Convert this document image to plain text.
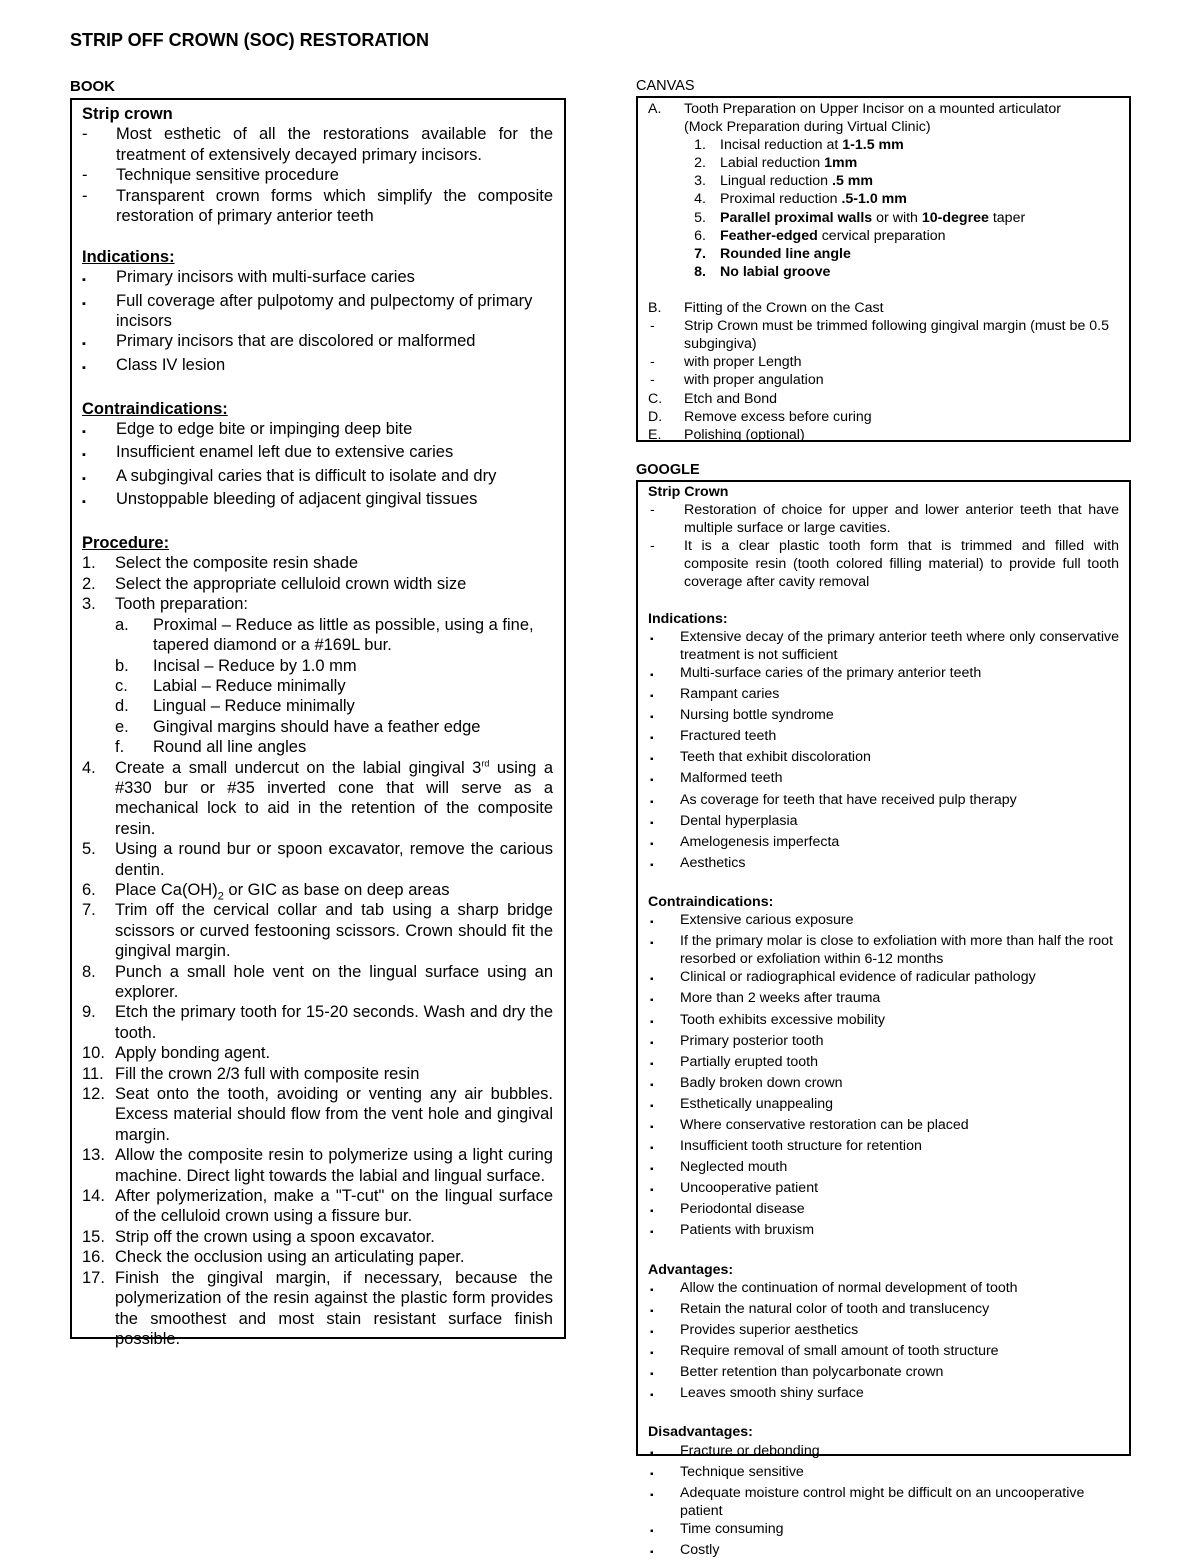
STRIP OFF CROWN (SOC) RESTORATION
BOOK

Strip crown

-	Most esthetic of all the restorations available for the treatment of extensively decayed primary incisors.
-	Technique sensitive procedure
-	Transparent crown forms which simplify the composite restoration of primary anterior teeth

Indications:

▪	Primary incisors with multi-surface caries
▪	Full coverage after pulpotomy and pulpectomy of primary incisors
▪	Primary incisors that are discolored or malformed
▪	Class IV lesion

Contraindications:

▪	Edge to edge bite or impinging deep bite
▪	Insufficient enamel left due to extensive caries
▪	A subgingival caries that is difficult to isolate and dry
▪	Unstoppable bleeding of adjacent gingival tissues

Procedure:

1.	Select the composite resin shade
2.	Select the appropriate celluloid crown width size
3.	Tooth preparation:
a.	Proximal – Reduce as little as possible, using a fine, tapered diamond or a #169L bur.
b.	Incisal – Reduce by 1.0 mm
c.	Labial – Reduce minimally
d.	Lingual – Reduce minimally
e.	Gingival margins should have a feather edge
f.	Round all line angles
4.	Create a small undercut on the labial gingival 3rd using a #330 bur or #35 inverted cone that will serve as a mechanical lock to aid in the retention of the composite resin.
5.	Using a round bur or spoon excavator, remove the carious dentin.
6.	Place $Ca(OH)_2$ or GIC as base on deep areas
7.	Trim off the cervical collar and tab using a sharp bridge scissors or curved festooning scissors. Crown should fit the gingival margin.
8.	Punch a small hole vent on the lingual surface using an explorer.
9.	Etch the primary tooth for 15-20 seconds. Wash and dry the tooth.
10. Apply bonding agent.
11. Fill the crown 2/3 full with composite resin
12. Seat onto the tooth, avoiding or venting any air bubbles. Excess material should flow from the vent hole and gingival margin.
13. Allow the composite resin to polymerize using a light curing machine. Direct light towards the labial and lingual surface.
14. After polymerization, make a "T-cut" on the lingual surface of the celluloid crown using a fissure bur.
15. Strip off the crown using a spoon excavator.
16. Check the occlusion using an articulating paper.
17. Finish the gingival margin, if necessary, because the polymerization of the resin against the plastic form provides the smoothest and most stain resistant surface finish possible.
CANVAS
A.	Tooth Preparation on Upper Incisor on a mounted articulator
(Mock Preparation during Virtual Clinic)
1. Incisal reduction at 1-1.5 mm
2. Labial reduction 1mm
3. Lingual reduction .5 mm
4. Proximal reduction .5-1.0 mm
5. Parallel proximal walls or with 10-degree taper
6. Feather-edged cervical preparation
7. Rounded line angle
8. No labial groove
B.	Fitting of the Crown on the Cast
-	Strip Crown must be trimmed following gingival margin (must be 0.5 subgingiva)
-	with proper Length
-	with proper angulation
C.	Etch and Bond
D.	Remove excess before curing
E.	Polishing (optional)
GOOGLE
Strip Crown
-	Restoration of choice for upper and lower anterior teeth that have multiple surface or large cavities.
-	It is a clear plastic tooth form that is trimmed and filled with composite resin (tooth colored filling material) to provide full tooth coverage after cavity removal
Indications:
▪	Extensive decay of the primary anterior teeth where only conservative treatment is not sufficient
▪	Multi-surface caries of the primary anterior teeth
▪	Rampant caries
▪	Nursing bottle syndrome
▪	Fractured teeth
▪	Teeth that exhibit discoloration
▪	Malformed teeth
▪	As coverage for teeth that have received pulp therapy
▪	Dental hyperplasia
▪	Amelogenesis imperfecta
▪	Aesthetics
Contraindications:
▪	Extensive carious exposure
▪	If the primary molar is close to exfoliation with more than half the root resorbed or exfoliation within 6-12 months
▪	Clinical or radiographical evidence of radicular pathology
▪	More than 2 weeks after trauma
▪	Tooth exhibits excessive mobility
▪	Primary posterior tooth
▪	Partially erupted tooth
▪	Badly broken down crown
▪	Esthetically unappealing
▪	Where conservative restoration can be placed
▪	Insufficient tooth structure for retention
▪	Neglected mouth
▪	Uncooperative patient
▪	Periodontal disease
▪	Patients with bruxism
Advantages:
▪	Allow the continuation of normal development of tooth
▪	Retain the natural color of tooth and translucency
▪	Provides superior aesthetics
▪	Require removal of small amount of tooth structure
▪	Better retention than polycarbonate crown
▪	Leaves smooth shiny surface
Disadvantages:
▪	Fracture or debonding
▪	Technique sensitive
▪	Adequate moisture control might be difficult on an uncooperative patient
▪	Time consuming
▪	Costly
